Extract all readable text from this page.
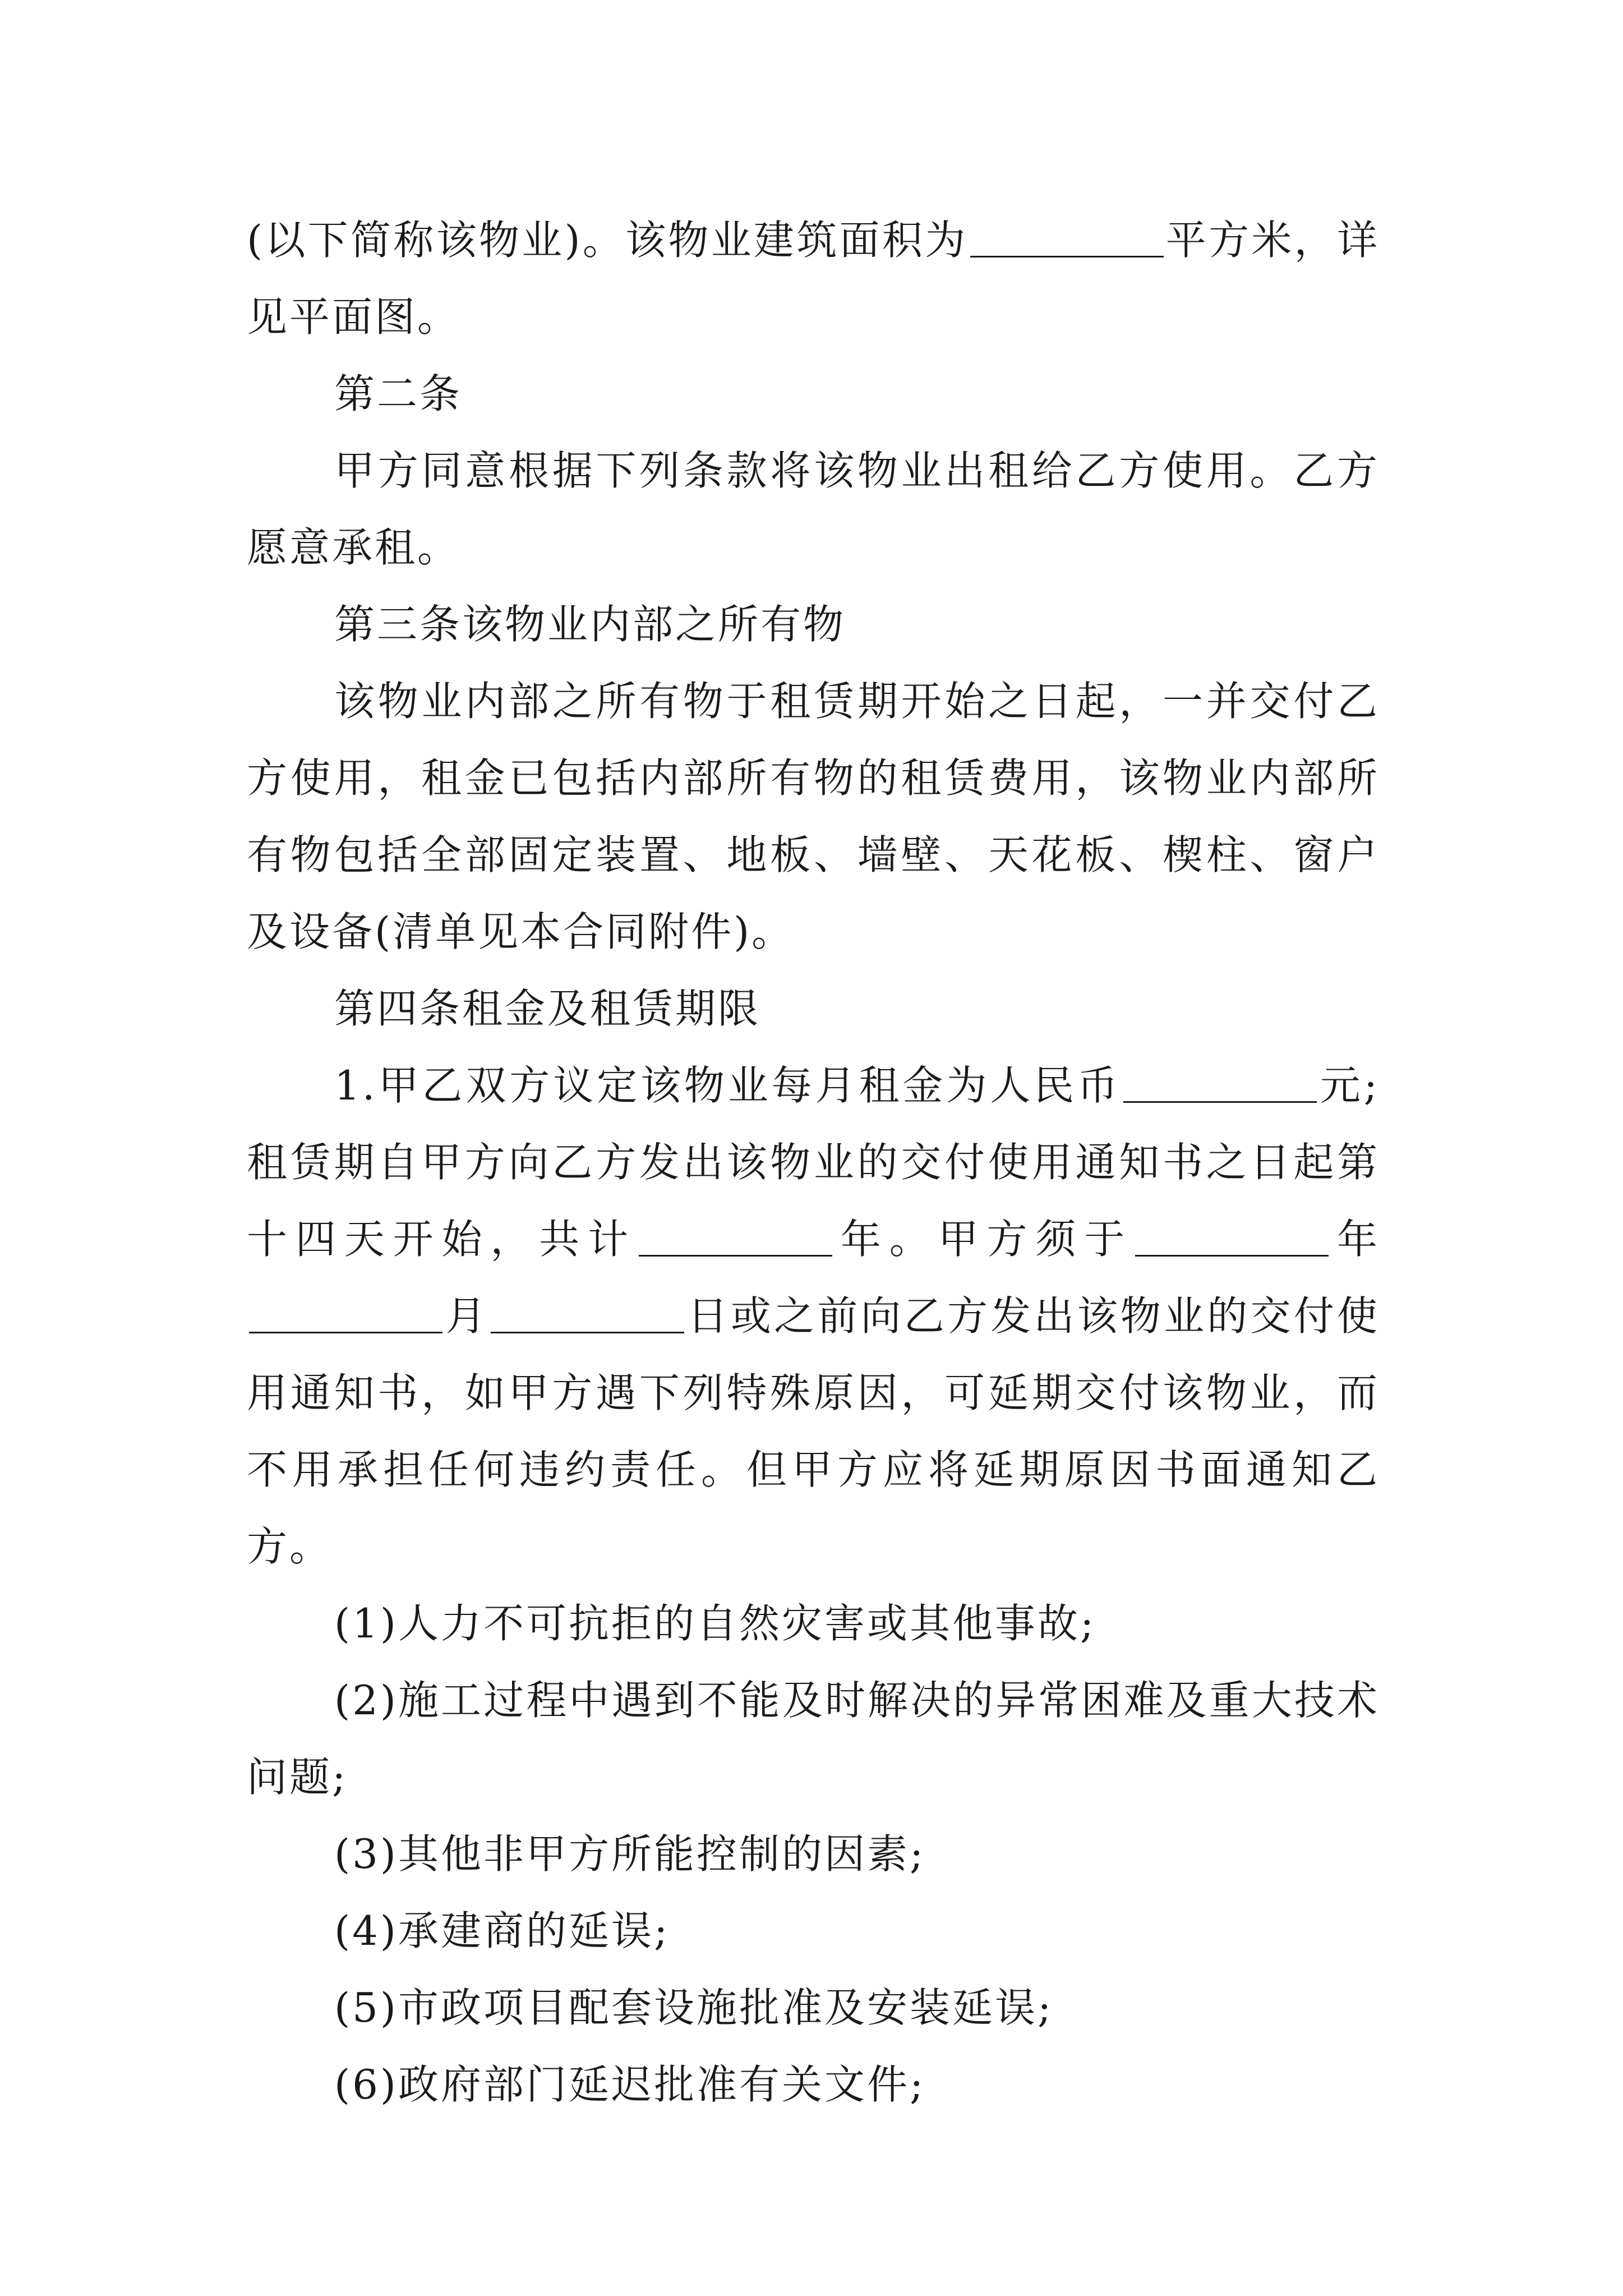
(以下简称该物业)。该物业建筑面积为	平方米，详见平面图。

第二条

甲方同意根据下列条款将该物业出租给乙方使用。乙方愿意承租。

第三条该物业内部之所有物

该物业内部之所有物于租赁期开始之日起，一并交付乙方使用，租金已包括内部所有物的租赁费用，该物业内部所有物包括全部固定装置、地板、墙壁、天花板、楔柱、窗户及设备(清单见本合同附件)。

第四条租金及租赁期限

1.甲乙双方议定该物业每月租金为人民币	元;租赁期自甲方向乙方发出该物业的交付使用通知书之日起第十四天开始，共计	年。甲方须于	年月	日或之前向乙方发出该物业的交付使用通知书，如甲方遇下列特殊原因，可延期交付该物业，而不用承担任何违约责任。但甲方应将延期原因书面通知乙方。

(1)人力不可抗拒的自然灾害或其他事故;

(2)施工过程中遇到不能及时解决的异常困难及重大技术问题;

(3)其他非甲方所能控制的因素;

(4)承建商的延误;

(5)市政项目配套设施批准及安装延误;

(6)政府部门延迟批准有关文件;
